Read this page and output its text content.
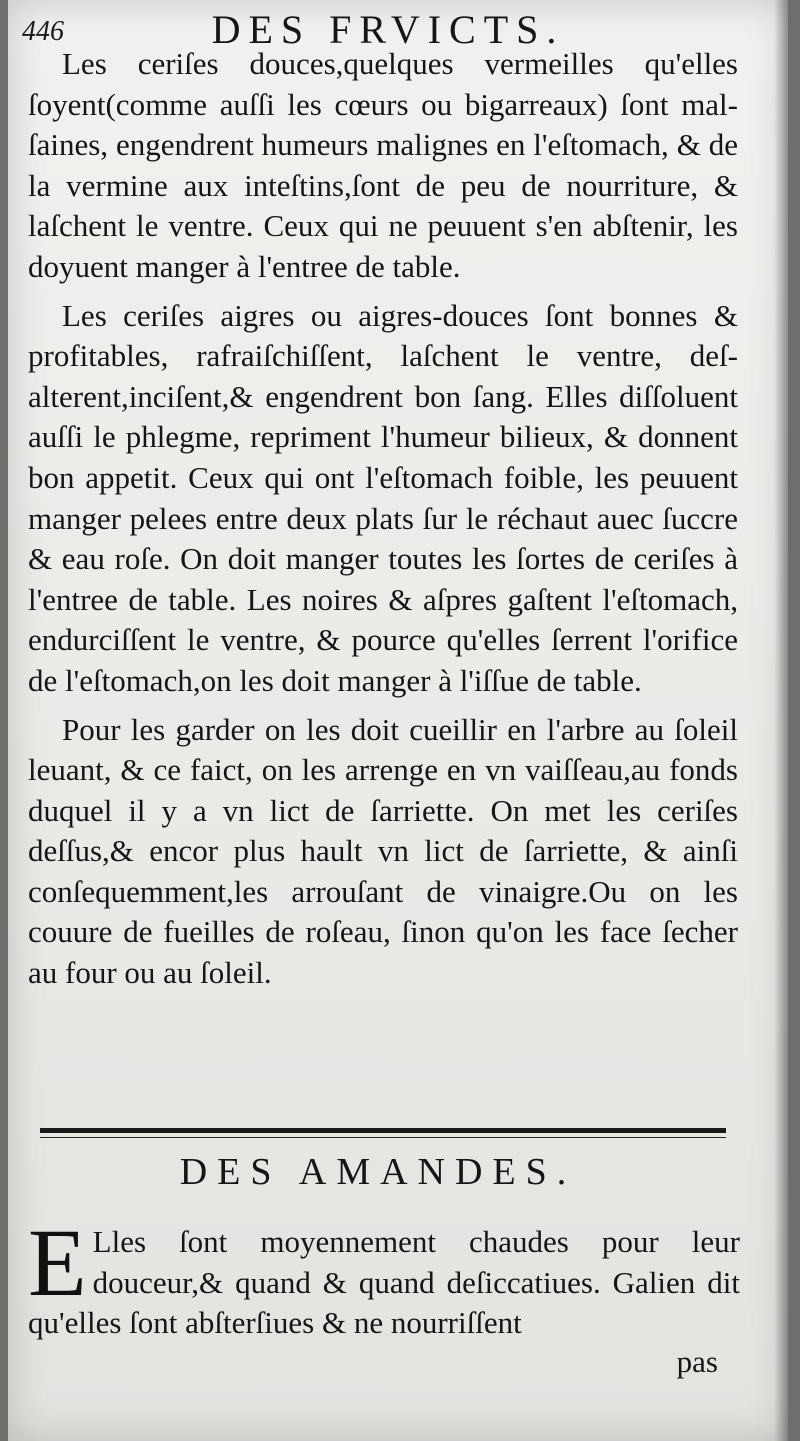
446	DES FRVICTS.

Les ceriſes douces,quelques vermeilles qu'elles ſoyent(comme auſſi les cœurs ou bigarreaux) ſont mal-ſaines, engendrent humeurs malignes en l'eſtomach, & de la vermine aux inteſtins,ſont de peu de nourriture, & laſchent le ventre. Ceux qui ne peuuent s'en abſtenir, les doyuent manger à l'entree de table.

Les ceriſes aigres ou aigres-douces ſont bonnes & profitables, rafraiſchiſſent, laſchent le ventre, deſ-alterent,inciſent,& engendrent bon ſang. Elles diſſoluent auſſi le phlegme, repriment l'humeur bilieux, & donnent bon appetit. Ceux qui ont l'eſtomach foible, les peuuent manger pelees entre deux plats ſur le réchaut auec ſuccre & eau roſe. On doit manger toutes les ſortes de ceriſes à l'entree de table. Les noires & aſpres gaſtent l'eſtomach, endurciſſent le ventre, & pource qu'elles ſerrent l'orifice de l'eſtomach,on les doit manger à l'iſſue de table.

Pour les garder on les doit cueillir en l'arbre au ſoleil leuant, & ce faict, on les arrenge en vn vaiſſeau,au fonds duquel il y a vn lict de ſarriette. On met les ceriſes deſſus,& encor plus hault vn lict de ſarriette, & ainſi conſequemment,les arrouſant de vinaigre.Ou on les couure de fueilles de roſeau, ſinon qu'on les face ſecher au four ou au ſoleil.

DES AMANDES.
E Lles ſont moyennement chaudes pour leur douceur,& quand & quand deſiccatiues. Galien dit qu'elles ſont abſterſiues & ne nourriſſent
pas
